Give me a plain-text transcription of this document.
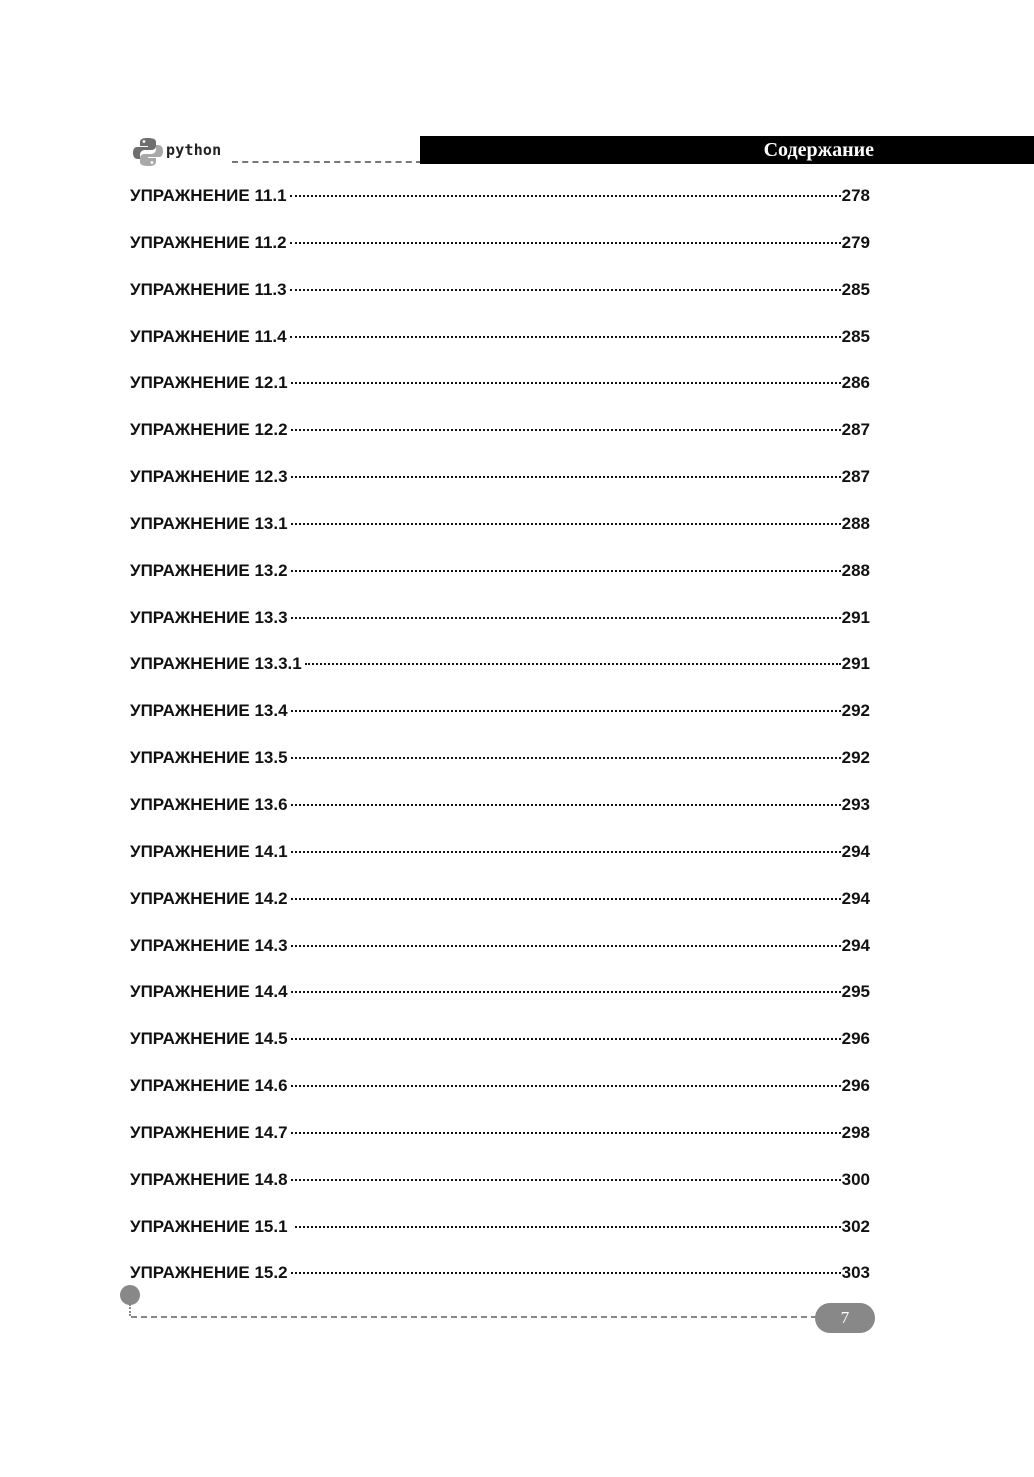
python	Содержание
УПРАЖНЕНИЕ 11.1	278
УПРАЖНЕНИЕ 11.2	279
УПРАЖНЕНИЕ 11.3	285
УПРАЖНЕНИЕ 11.4	285
УПРАЖНЕНИЕ 12.1	286
УПРАЖНЕНИЕ 12.2	287
УПРАЖНЕНИЕ 12.3	287
УПРАЖНЕНИЕ 13.1	288
УПРАЖНЕНИЕ 13.2	288
УПРАЖНЕНИЕ 13.3	291
УПРАЖНЕНИЕ 13.3.1	291
УПРАЖНЕНИЕ 13.4	292
УПРАЖНЕНИЕ 13.5	292
УПРАЖНЕНИЕ 13.6	293
УПРАЖНЕНИЕ 14.1	294
УПРАЖНЕНИЕ 14.2	294
УПРАЖНЕНИЕ 14.3	294
УПРАЖНЕНИЕ 14.4	295
УПРАЖНЕНИЕ 14.5	296
УПРАЖНЕНИЕ 14.6	296
УПРАЖНЕНИЕ 14.7	298
УПРАЖНЕНИЕ 14.8	300
УПРАЖНЕНИЕ 15.1	302
УПРАЖНЕНИЕ 15.2	303
7
